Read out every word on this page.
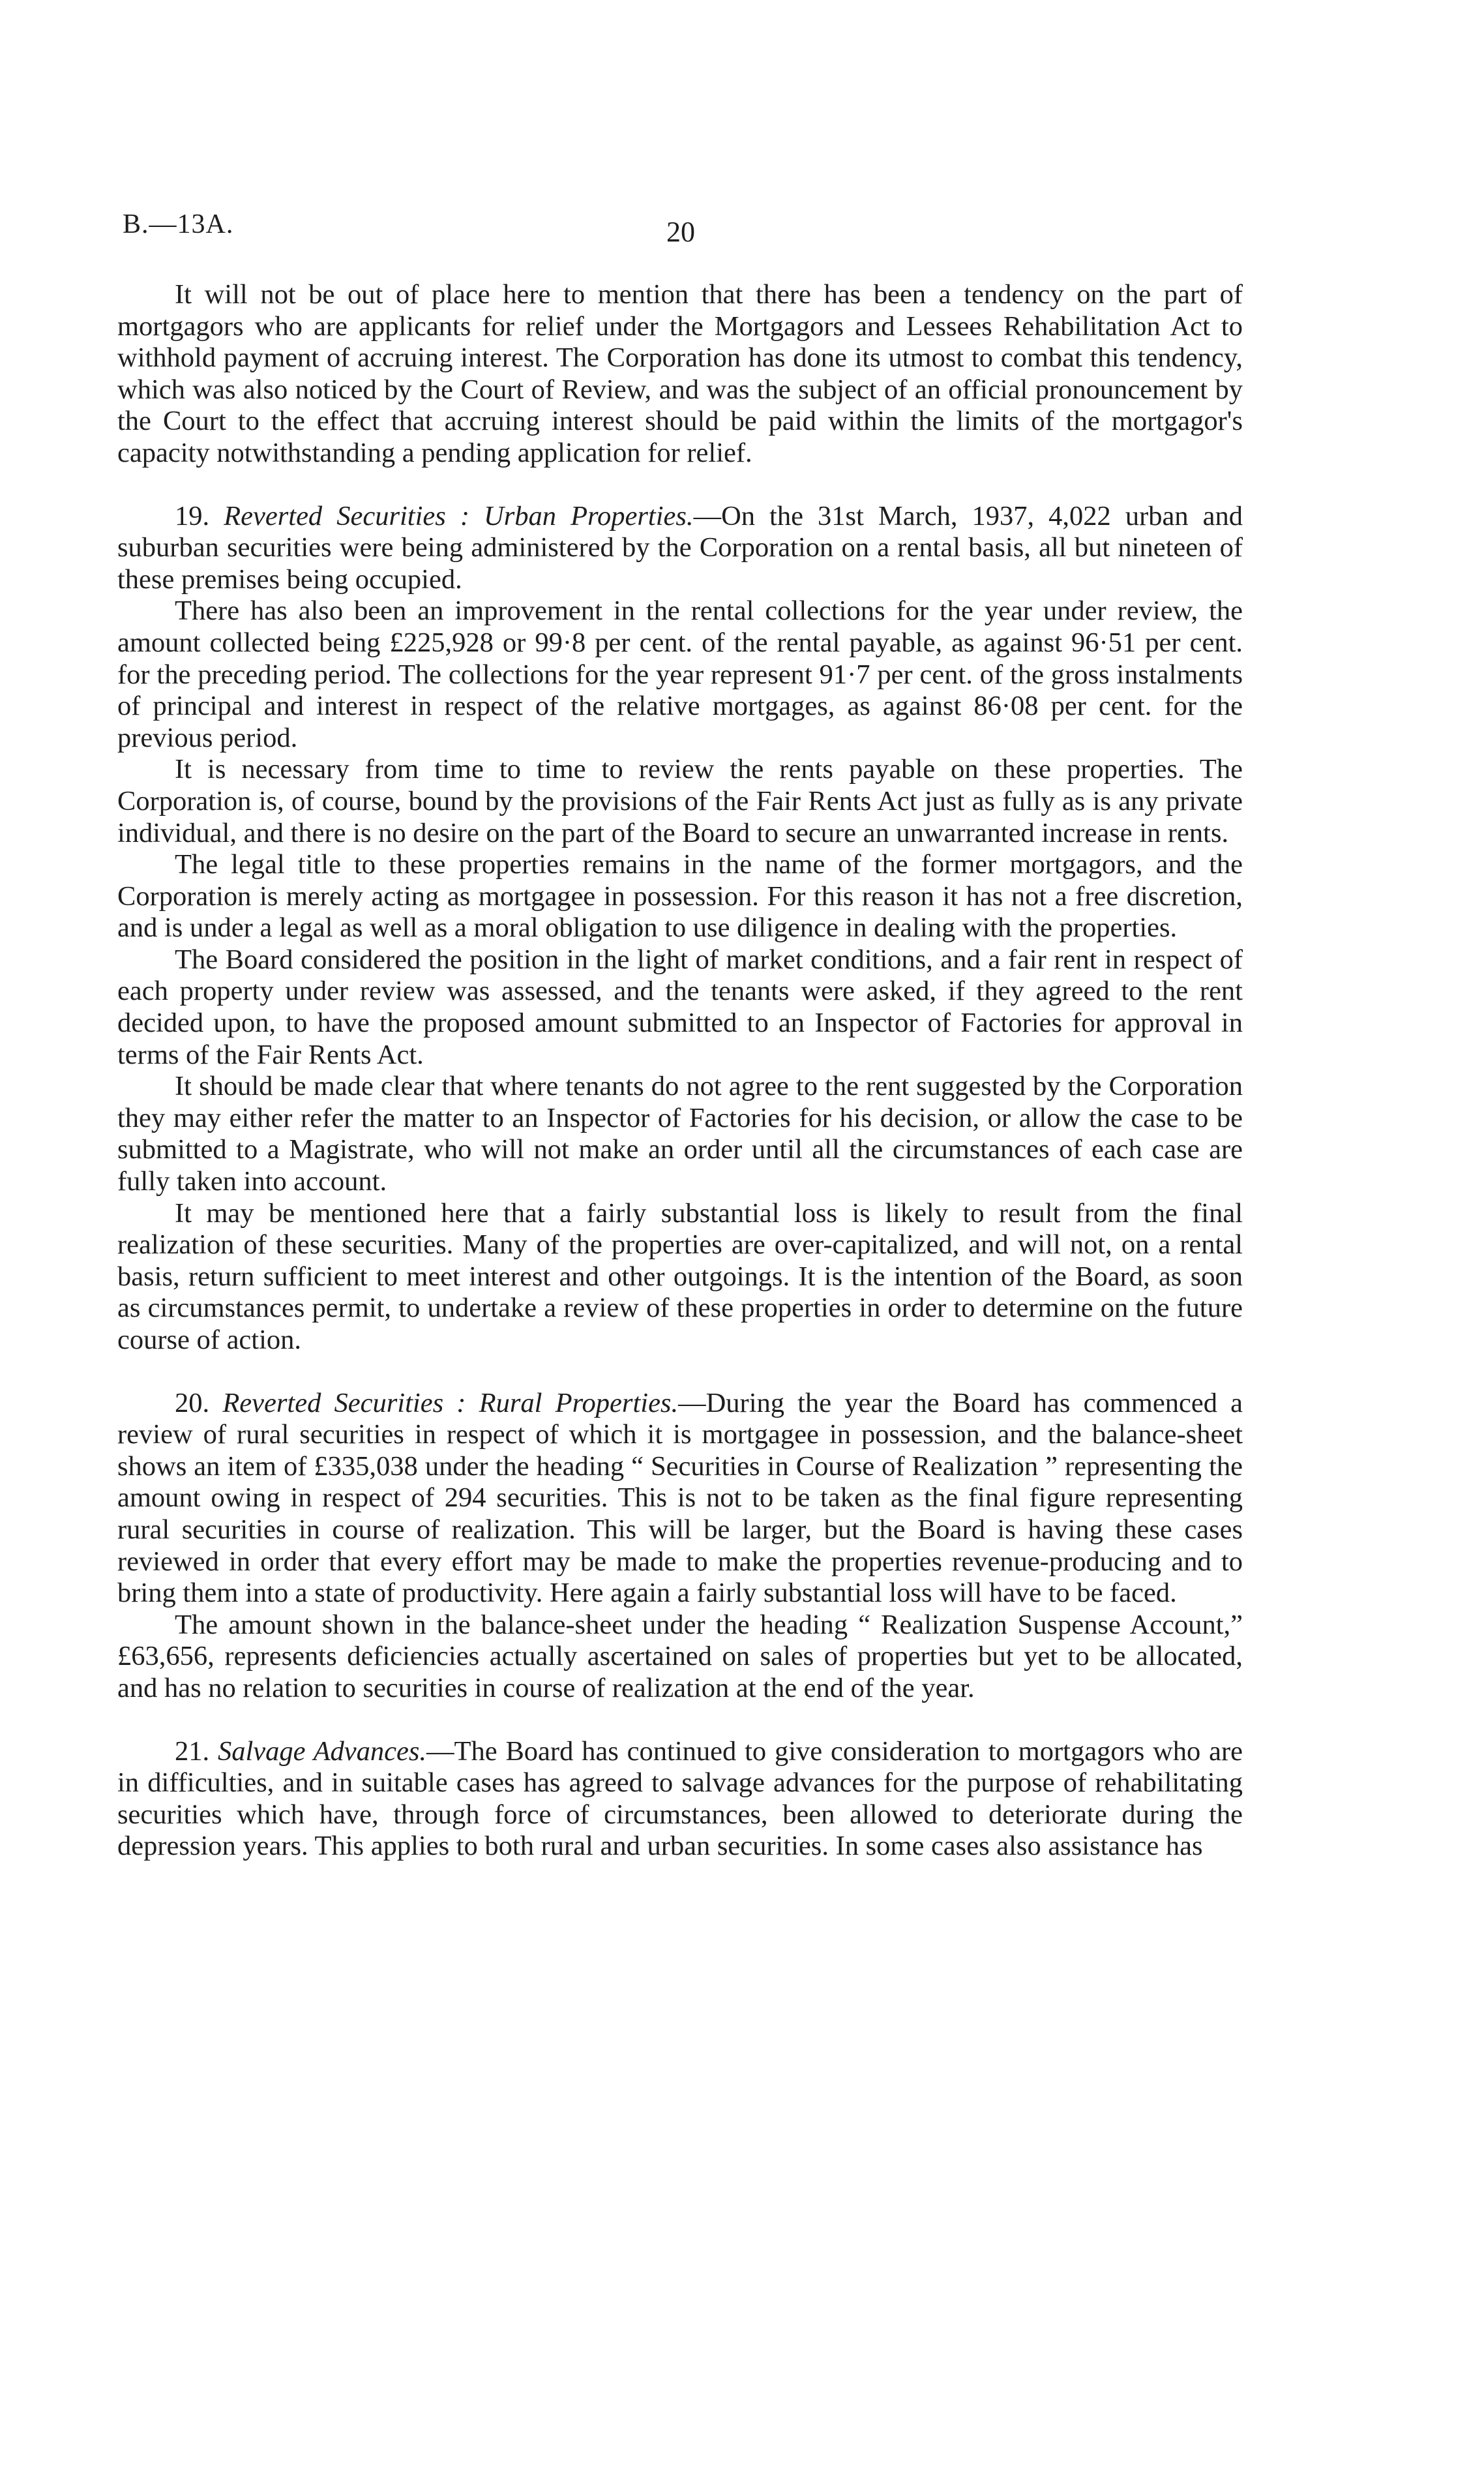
B.—13A.	20

It will not be out of place here to mention that there has been a tendency on the part of mortgagors who are applicants for relief under the Mortgagors and Lessees Rehabilitation Act to withhold payment of accruing interest. The Corporation has done its utmost to combat this tendency, which was also noticed by the Court of Review, and was the subject of an official pronouncement by the Court to the effect that accruing interest should be paid within the limits of the mortgagor's capacity notwithstanding a pending application for relief.

19. Reverted Securities : Urban Properties.—On the 31st March, 1937, 4,022 urban and suburban securities were being administered by the Corporation on a rental basis, all but nineteen of these premises being occupied.

There has also been an improvement in the rental collections for the year under review, the amount collected being £225,928 or 99·8 per cent. of the rental payable, as against 96·51 per cent. for the preceding period. The collections for the year represent 91·7 per cent. of the gross instalments of principal and interest in respect of the relative mortgages, as against 86·08 per cent. for the previous period.

It is necessary from time to time to review the rents payable on these properties. The Corporation is, of course, bound by the provisions of the Fair Rents Act just as fully as is any private individual, and there is no desire on the part of the Board to secure an unwarranted increase in rents.

The legal title to these properties remains in the name of the former mortgagors, and the Corporation is merely acting as mortgagee in possession. For this reason it has not a free discretion, and is under a legal as well as a moral obligation to use diligence in dealing with the properties.

The Board considered the position in the light of market conditions, and a fair rent in respect of each property under review was assessed, and the tenants were asked, if they agreed to the rent decided upon, to have the proposed amount submitted to an Inspector of Factories for approval in terms of the Fair Rents Act.

It should be made clear that where tenants do not agree to the rent suggested by the Corporation they may either refer the matter to an Inspector of Factories for his decision, or allow the case to be submitted to a Magistrate, who will not make an order until all the circumstances of each case are fully taken into account.

It may be mentioned here that a fairly substantial loss is likely to result from the final realization of these securities. Many of the properties are over-capitalized, and will not, on a rental basis, return sufficient to meet interest and other outgoings. It is the intention of the Board, as soon as circumstances permit, to undertake a review of these properties in order to determine on the future course of action.

20. Reverted Securities : Rural Properties.—During the year the Board has commenced a review of rural securities in respect of which it is mortgagee in possession, and the balance-sheet shows an item of £335,038 under the heading “ Securities in Course of Realization ” representing the amount owing in respect of 294 securities. This is not to be taken as the final figure representing rural securities in course of realization. This will be larger, but the Board is having these cases reviewed in order that every effort may be made to make the properties revenue-producing and to bring them into a state of productivity. Here again a fairly substantial loss will have to be faced.

The amount shown in the balance-sheet under the heading “ Realization Suspense Account,” £63,656, represents deficiencies actually ascertained on sales of properties but yet to be allocated, and has no relation to securities in course of realization at the end of the year.

21. Salvage Advances.—The Board has continued to give consideration to mortgagors who are in difficulties, and in suitable cases has agreed to salvage advances for the purpose of rehabilitating securities which have, through force of circumstances, been allowed to deteriorate during the depression years. This applies to both rural and urban securities. In some cases also assistance has
